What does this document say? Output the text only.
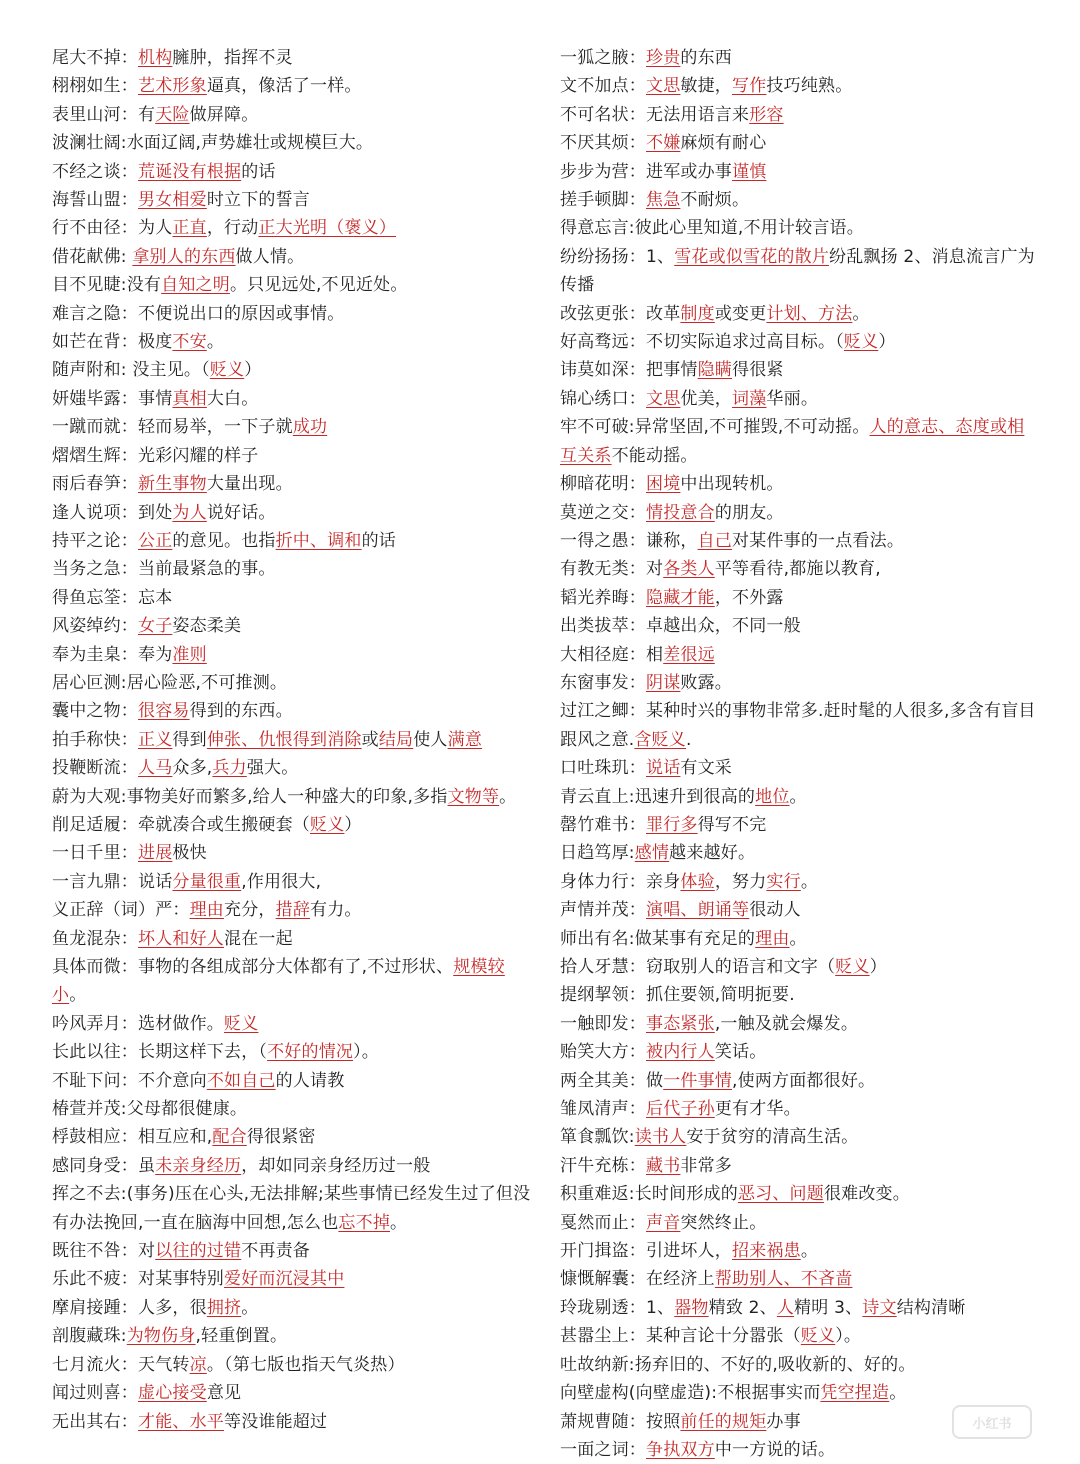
尾大不掉：机构臃肿，指挥不灵
栩栩如生：艺术形象逼真，像活了一样。
表里山河：有天险做屏障。
波澜壮阔:水面辽阔,声势雄壮或规模巨大。
不经之谈：荒诞没有根据的话
海誓山盟：男女相爱时立下的誓言
行不由径：为人正直，行动正大光明（褒义）
借花献佛: 拿别人的东西做人情。
目不见睫:没有自知之明。只见远处,不见近处。
难言之隐：不便说出口的原因或事情。
如芒在背：极度不安。
随声附和: 没主见。（贬义）
妍媸毕露：事情真相大白。
一蹴而就：轻而易举，一下子就成功
熠熠生辉：光彩闪耀的样子
雨后春笋：新生事物大量出现。
逢人说项：到处为人说好话。
持平之论：公正的意见。也指折中、调和的话
当务之急：当前最紧急的事。
得鱼忘筌：忘本
风姿绰约：女子姿态柔美
奉为圭臬：奉为准则
居心叵测:居心险恶,不可推测。
囊中之物：很容易得到的东西。
拍手称快：正义得到伸张、仇恨得到消除或结局使人满意
投鞭断流：人马众多,兵力强大。
蔚为大观:事物美好而繁多,给人一种盛大的印象,多指文物等。
削足适履：牵就凑合或生搬硬套（贬义）
一日千里：进展极快
一言九鼎：说话分量很重,作用很大,
义正辞（词）严：理由充分，措辞有力。
鱼龙混杂：坏人和好人混在一起
具体而微：事物的各组成部分大体都有了,不过形状、规模较小。
吟风弄月：选材做作。贬义
长此以往：长期这样下去，（不好的情况）。
不耻下问：不介意向不如自己的人请教
椿萱并茂:父母都很健康。
桴鼓相应：相互应和,配合得很紧密
感同身受：虽未亲身经历，却如同亲身经历过一般
挥之不去:(事务)压在心头,无法排解;某些事情已经发生过了但没有办法挽回,一直在脑海中回想,怎么也忘不掉。
既往不咎：对以往的过错不再责备
乐此不疲：对某事特别爱好而沉浸其中
摩肩接踵：人多，很拥挤。
剖腹藏珠:为物伤身,轻重倒置。
七月流火：天气转凉。（第七版也指天气炎热）
闻过则喜：虚心接受意见
无出其右：才能、水平等没谁能超过
一狐之腋：珍贵的东西
文不加点：文思敏捷，写作技巧纯熟。
不可名状：无法用语言来形容
不厌其烦：不嫌麻烦有耐心
步步为营：进军或办事谨慎
搓手顿脚：焦急不耐烦。
得意忘言:彼此心里知道,不用计较言语。
纷纷扬扬：1、雪花或似雪花的散片纷乱飘扬 2、消息流言广为传播
改弦更张：改革制度或变更计划、方法。
好高骛远：不切实际追求过高目标。（贬义）
讳莫如深：把事情隐瞒得很紧
锦心绣口：文思优美，词藻华丽。
牢不可破:异常坚固,不可摧毁,不可动摇。人的意志、态度或相互关系不能动摇。
柳暗花明：困境中出现转机。
莫逆之交：情投意合的朋友。
一得之愚：谦称，自己对某件事的一点看法。
有教无类：对各类人平等看待,都施以教育,
韬光养晦：隐藏才能，不外露
出类拔萃：卓越出众，不同一般
大相径庭：相差很远
东窗事发：阴谋败露。
过江之鲫：某种时兴的事物非常多.赶时髦的人很多,多含有盲目跟风之意.含贬义.
口吐珠玑：说话有文采
青云直上:迅速升到很高的地位。
罄竹难书：罪行多得写不完
日趋笃厚:感情越来越好。
身体力行：亲身体验，努力实行。
声情并茂：演唱、朗诵等很动人
师出有名:做某事有充足的理由。
拾人牙慧：窃取别人的语言和文字（贬义）
提纲挈领：抓住要领,简明扼要.
一触即发：事态紧张,一触及就会爆发。
贻笑大方：被内行人笑话。
两全其美：做一件事情,使两方面都很好。
雏凤清声：后代子孙更有才华。
箪食瓢饮:读书人安于贫穷的清高生活。
汗牛充栋：藏书非常多
积重难返:长时间形成的恶习、问题很难改变。
戛然而止：声音突然终止。
开门揖盗：引进坏人，招来祸患。
慷慨解囊：在经济上帮助别人、不吝啬
玲珑剔透：1、器物精致 2、人精明 3、诗文结构清晰
甚嚣尘上：某种言论十分嚣张（贬义）。
吐故纳新:扬弃旧的、不好的,吸收新的、好的。
向壁虚构(向壁虚造):不根据事实而凭空捏造。
萧规曹随：按照前任的规矩办事
一面之词：争执双方中一方说的话。
小红书
